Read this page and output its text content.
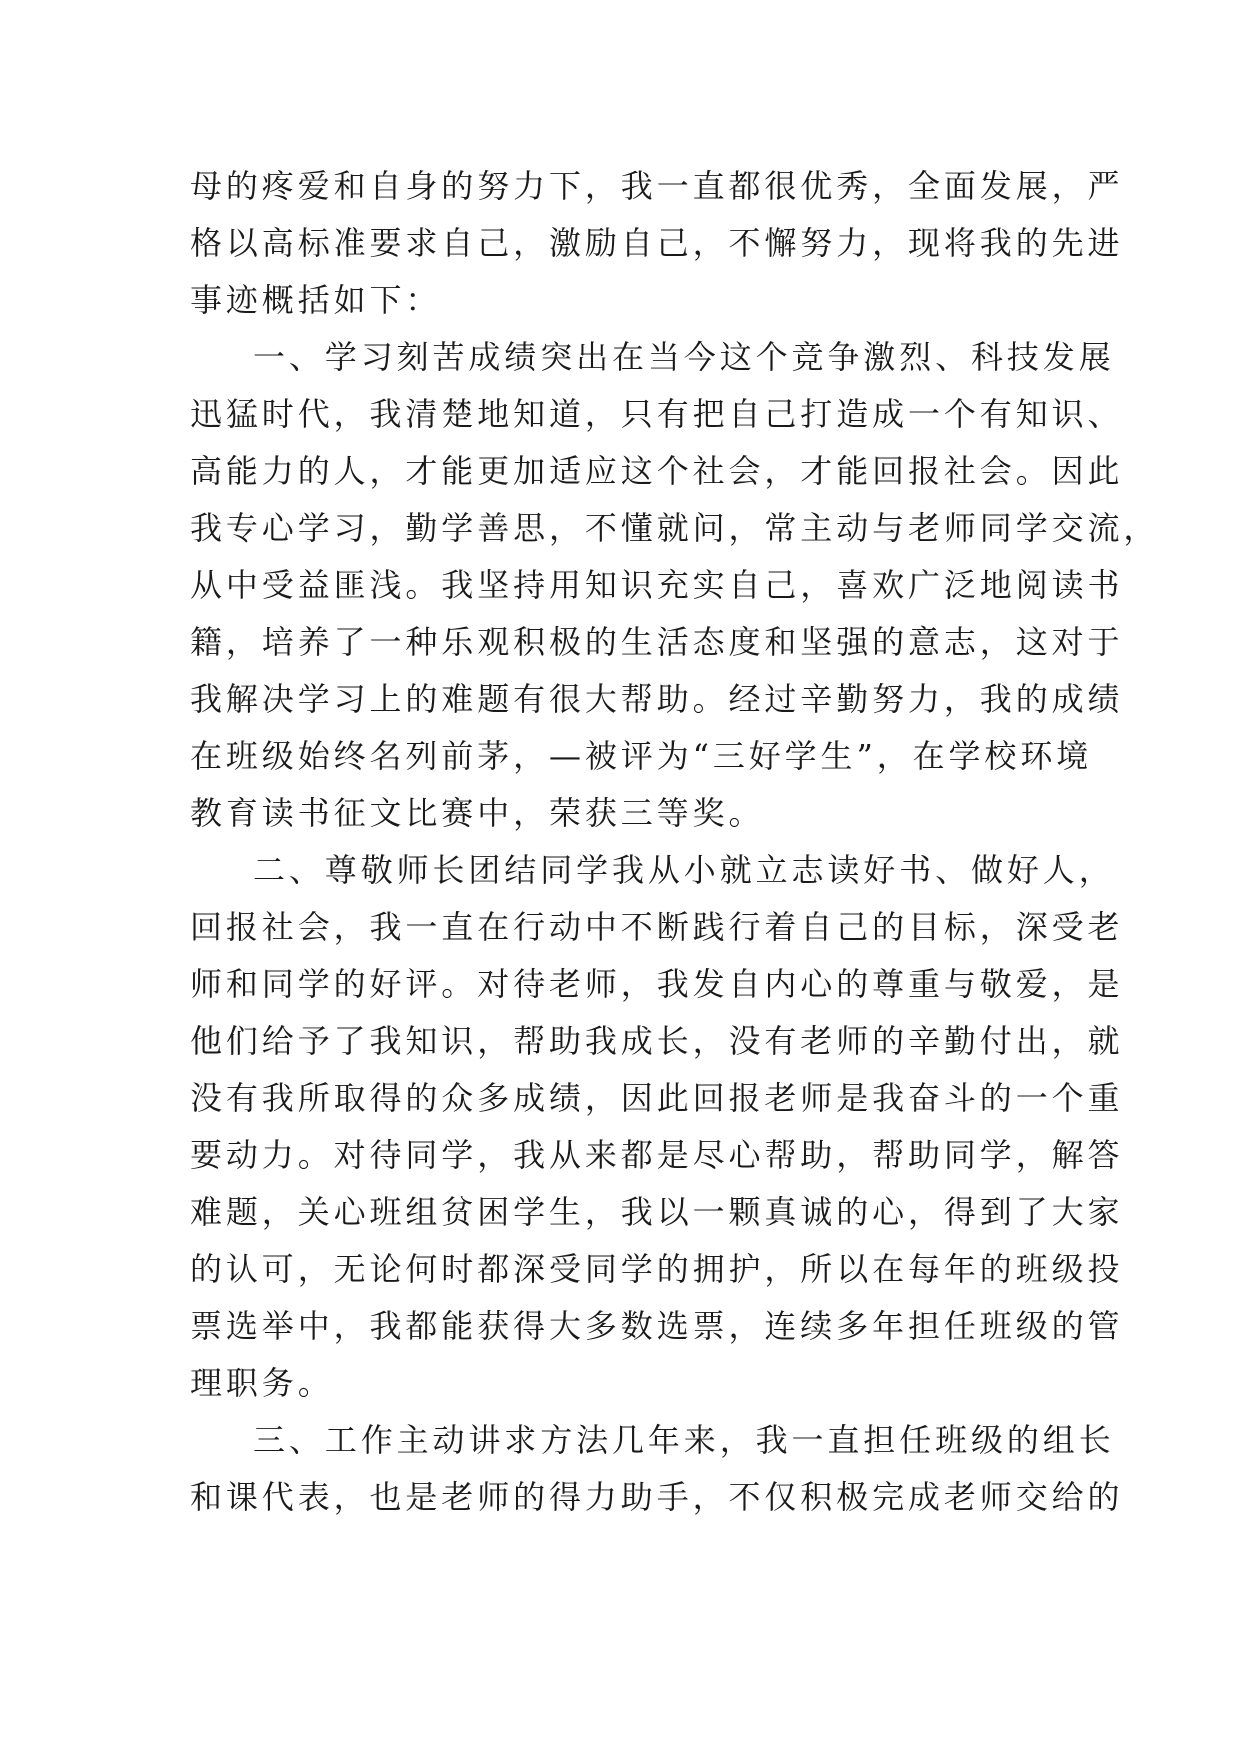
母的疼爱和自身的努力下，我一直都很优秀，全面发展，严
格以高标准要求自己，激励自己，不懈努力，现将我的先进
事迹概括如下：
一、学习刻苦成绩突出在当今这个竞争激烈、科技发展
迅猛时代，我清楚地知道，只有把自己打造成一个有知识、
高能力的人，才能更加适应这个社会，才能回报社会。因此
我专心学习，勤学善思，不懂就问，常主动与老师同学交流，
从中受益匪浅。我坚持用知识充实自己，喜欢广泛地阅读书
籍，培养了一种乐观积极的生活态度和坚强的意志，这对于
我解决学习上的难题有很大帮助。经过辛勤努力，我的成绩
在班级始终名列前茅，—被评为“三好学生”，在学校环境
教育读书征文比赛中，荣获三等奖。
二、尊敬师长团结同学我从小就立志读好书、做好人，
回报社会，我一直在行动中不断践行着自己的目标，深受老
师和同学的好评。对待老师，我发自内心的尊重与敬爱，是
他们给予了我知识，帮助我成长，没有老师的辛勤付出，就
没有我所取得的众多成绩，因此回报老师是我奋斗的一个重
要动力。对待同学，我从来都是尽心帮助，帮助同学，解答
难题，关心班组贫困学生，我以一颗真诚的心，得到了大家
的认可，无论何时都深受同学的拥护，所以在每年的班级投
票选举中，我都能获得大多数选票，连续多年担任班级的管
理职务。
三、工作主动讲求方法几年来，我一直担任班级的组长
和课代表，也是老师的得力助手，不仅积极完成老师交给的
